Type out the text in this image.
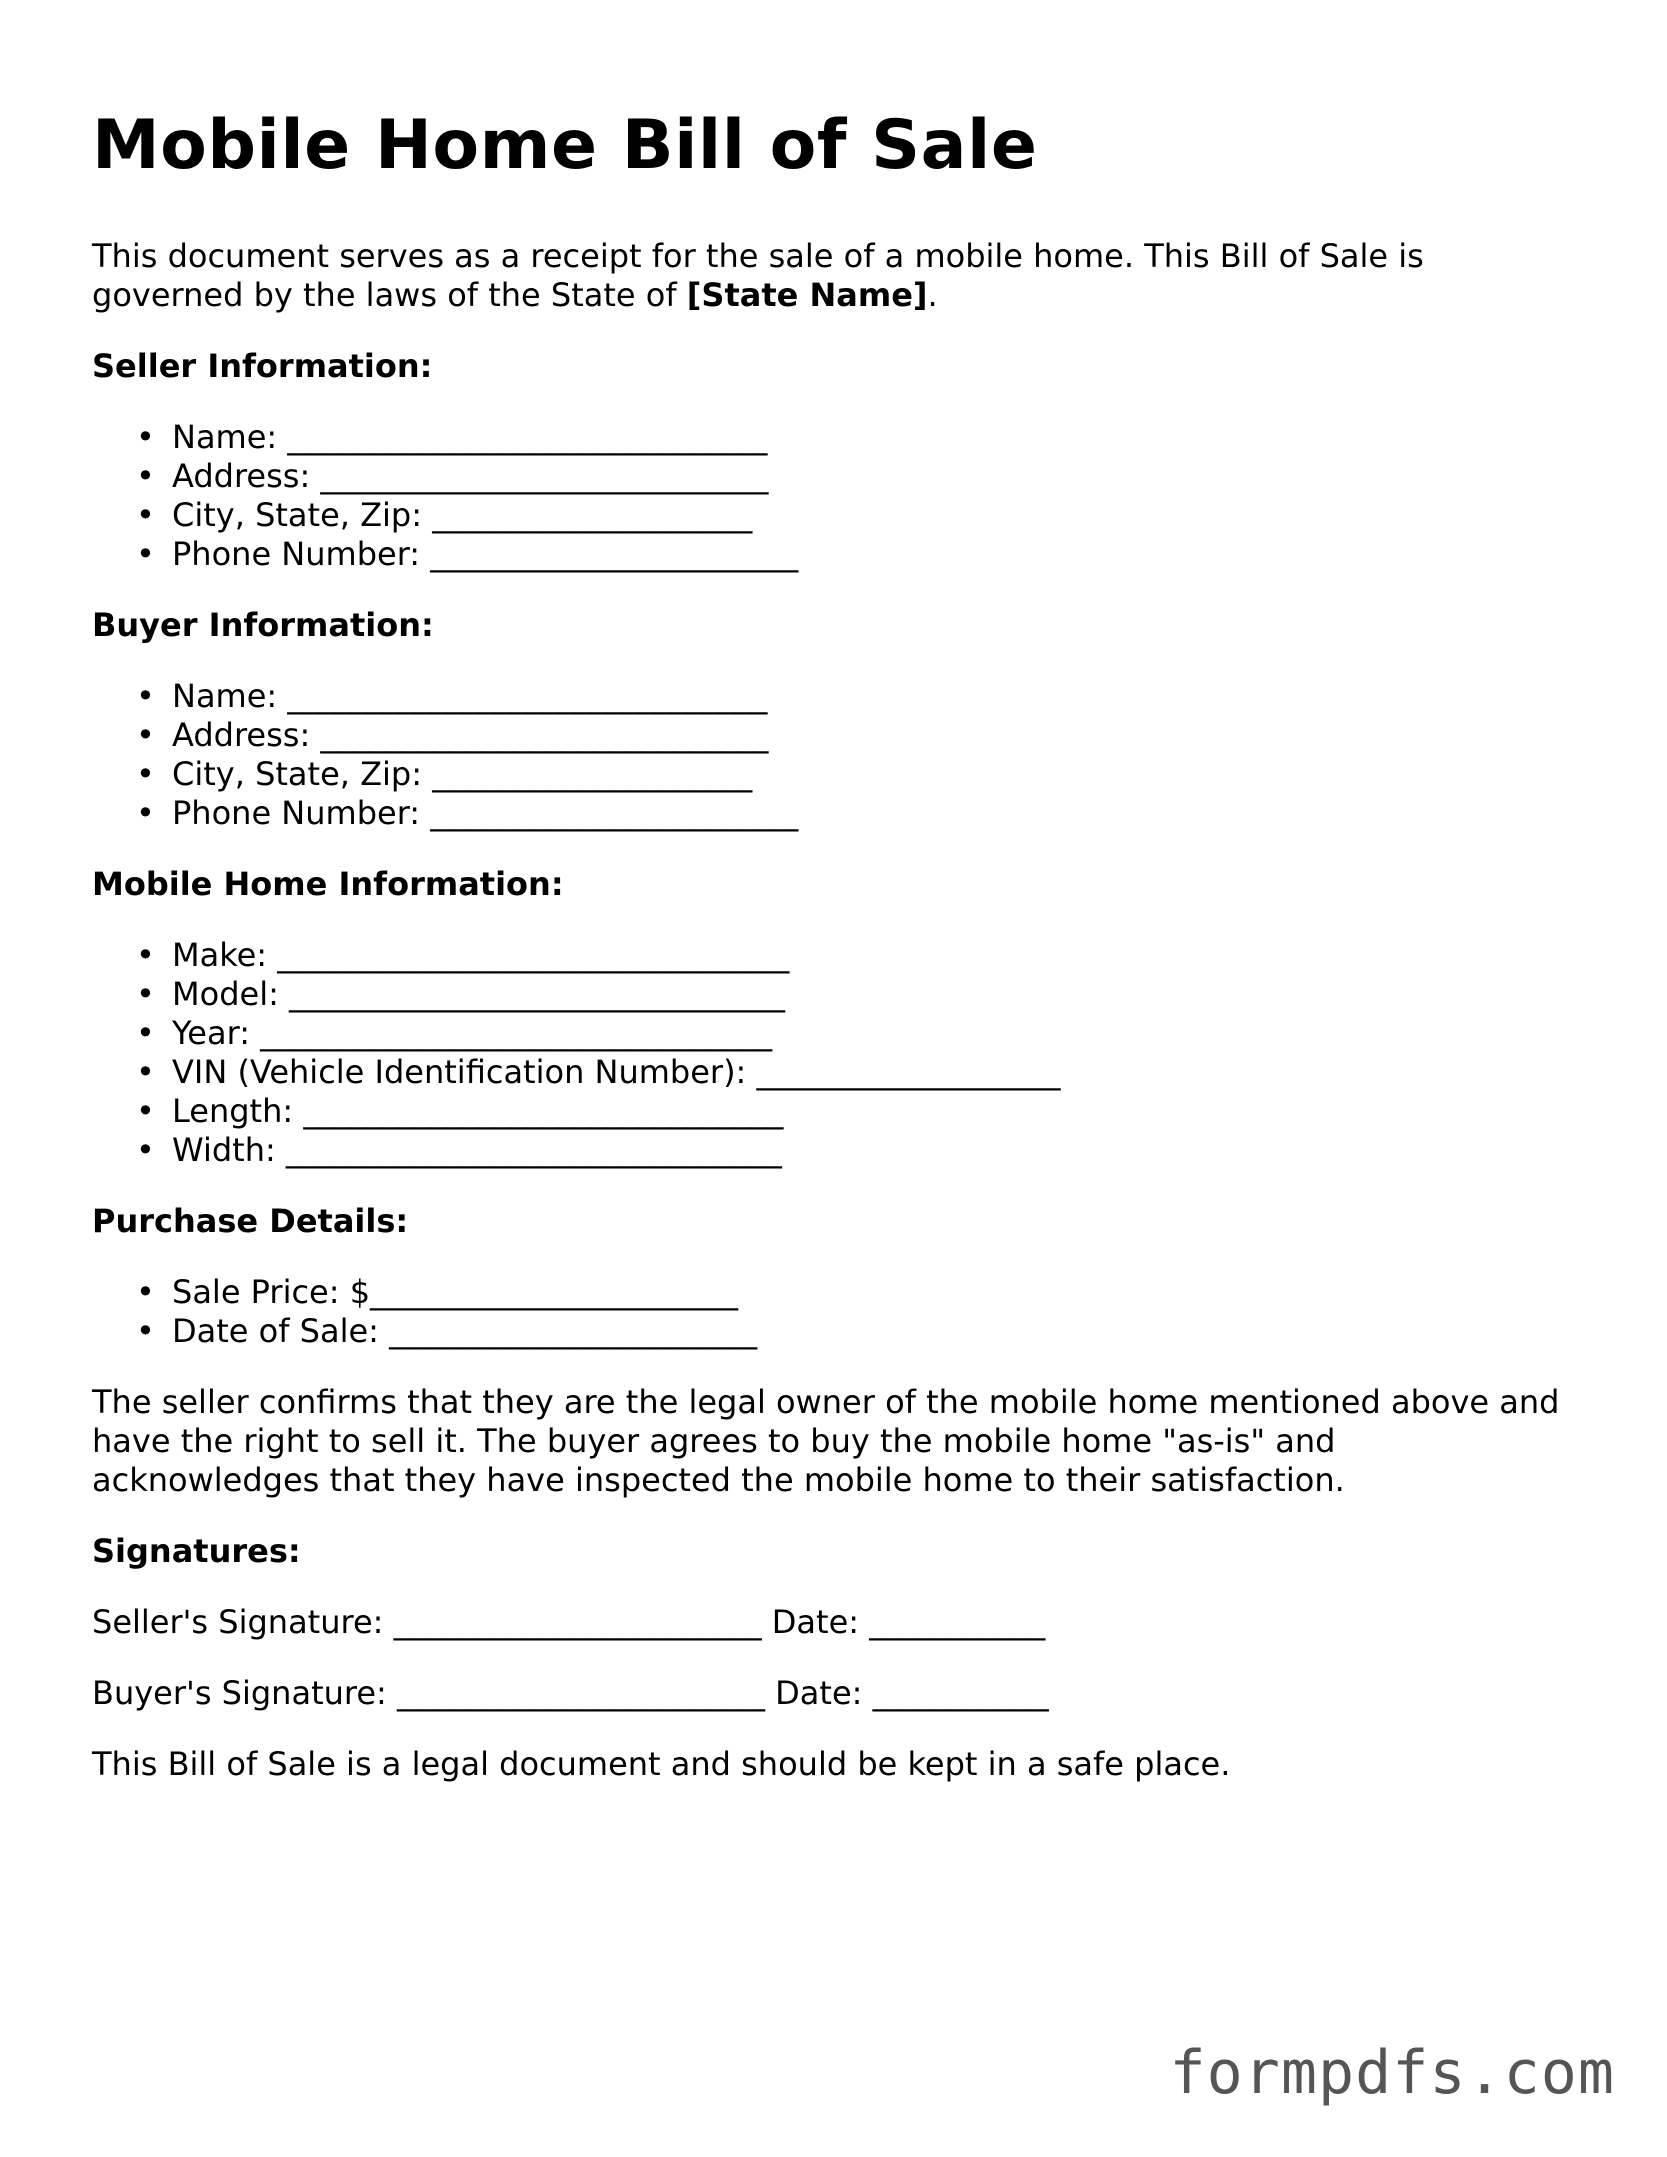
Mobile Home Bill of Sale

This document serves as a receipt for the sale of a mobile home. This Bill of Sale is governed by the laws of the State of [State Name].

Seller Information:

• Name: ______________________________
• Address: ____________________________
• City, State, Zip: ____________________
• Phone Number: _______________________

Buyer Information:

• Name: ______________________________
• Address: ____________________________
• City, State, Zip: ____________________
• Phone Number: _______________________

Mobile Home Information:

• Make: ________________________________
• Model: _______________________________
• Year: ________________________________
• VIN (Vehicle Identification Number): ___________________
• Length: ______________________________
• Width: _______________________________

Purchase Details:

• Sale Price: $_______________________
• Date of Sale: _______________________

The seller confirms that they are the legal owner of the mobile home mentioned above and have the right to sell it. The buyer agrees to buy the mobile home "as-is" and acknowledges that they have inspected the mobile home to their satisfaction.

Signatures:

Seller's Signature: _______________________ Date: ___________

Buyer's Signature: _______________________ Date: ___________

This Bill of Sale is a legal document and should be kept in a safe place.

formpdfs.com
